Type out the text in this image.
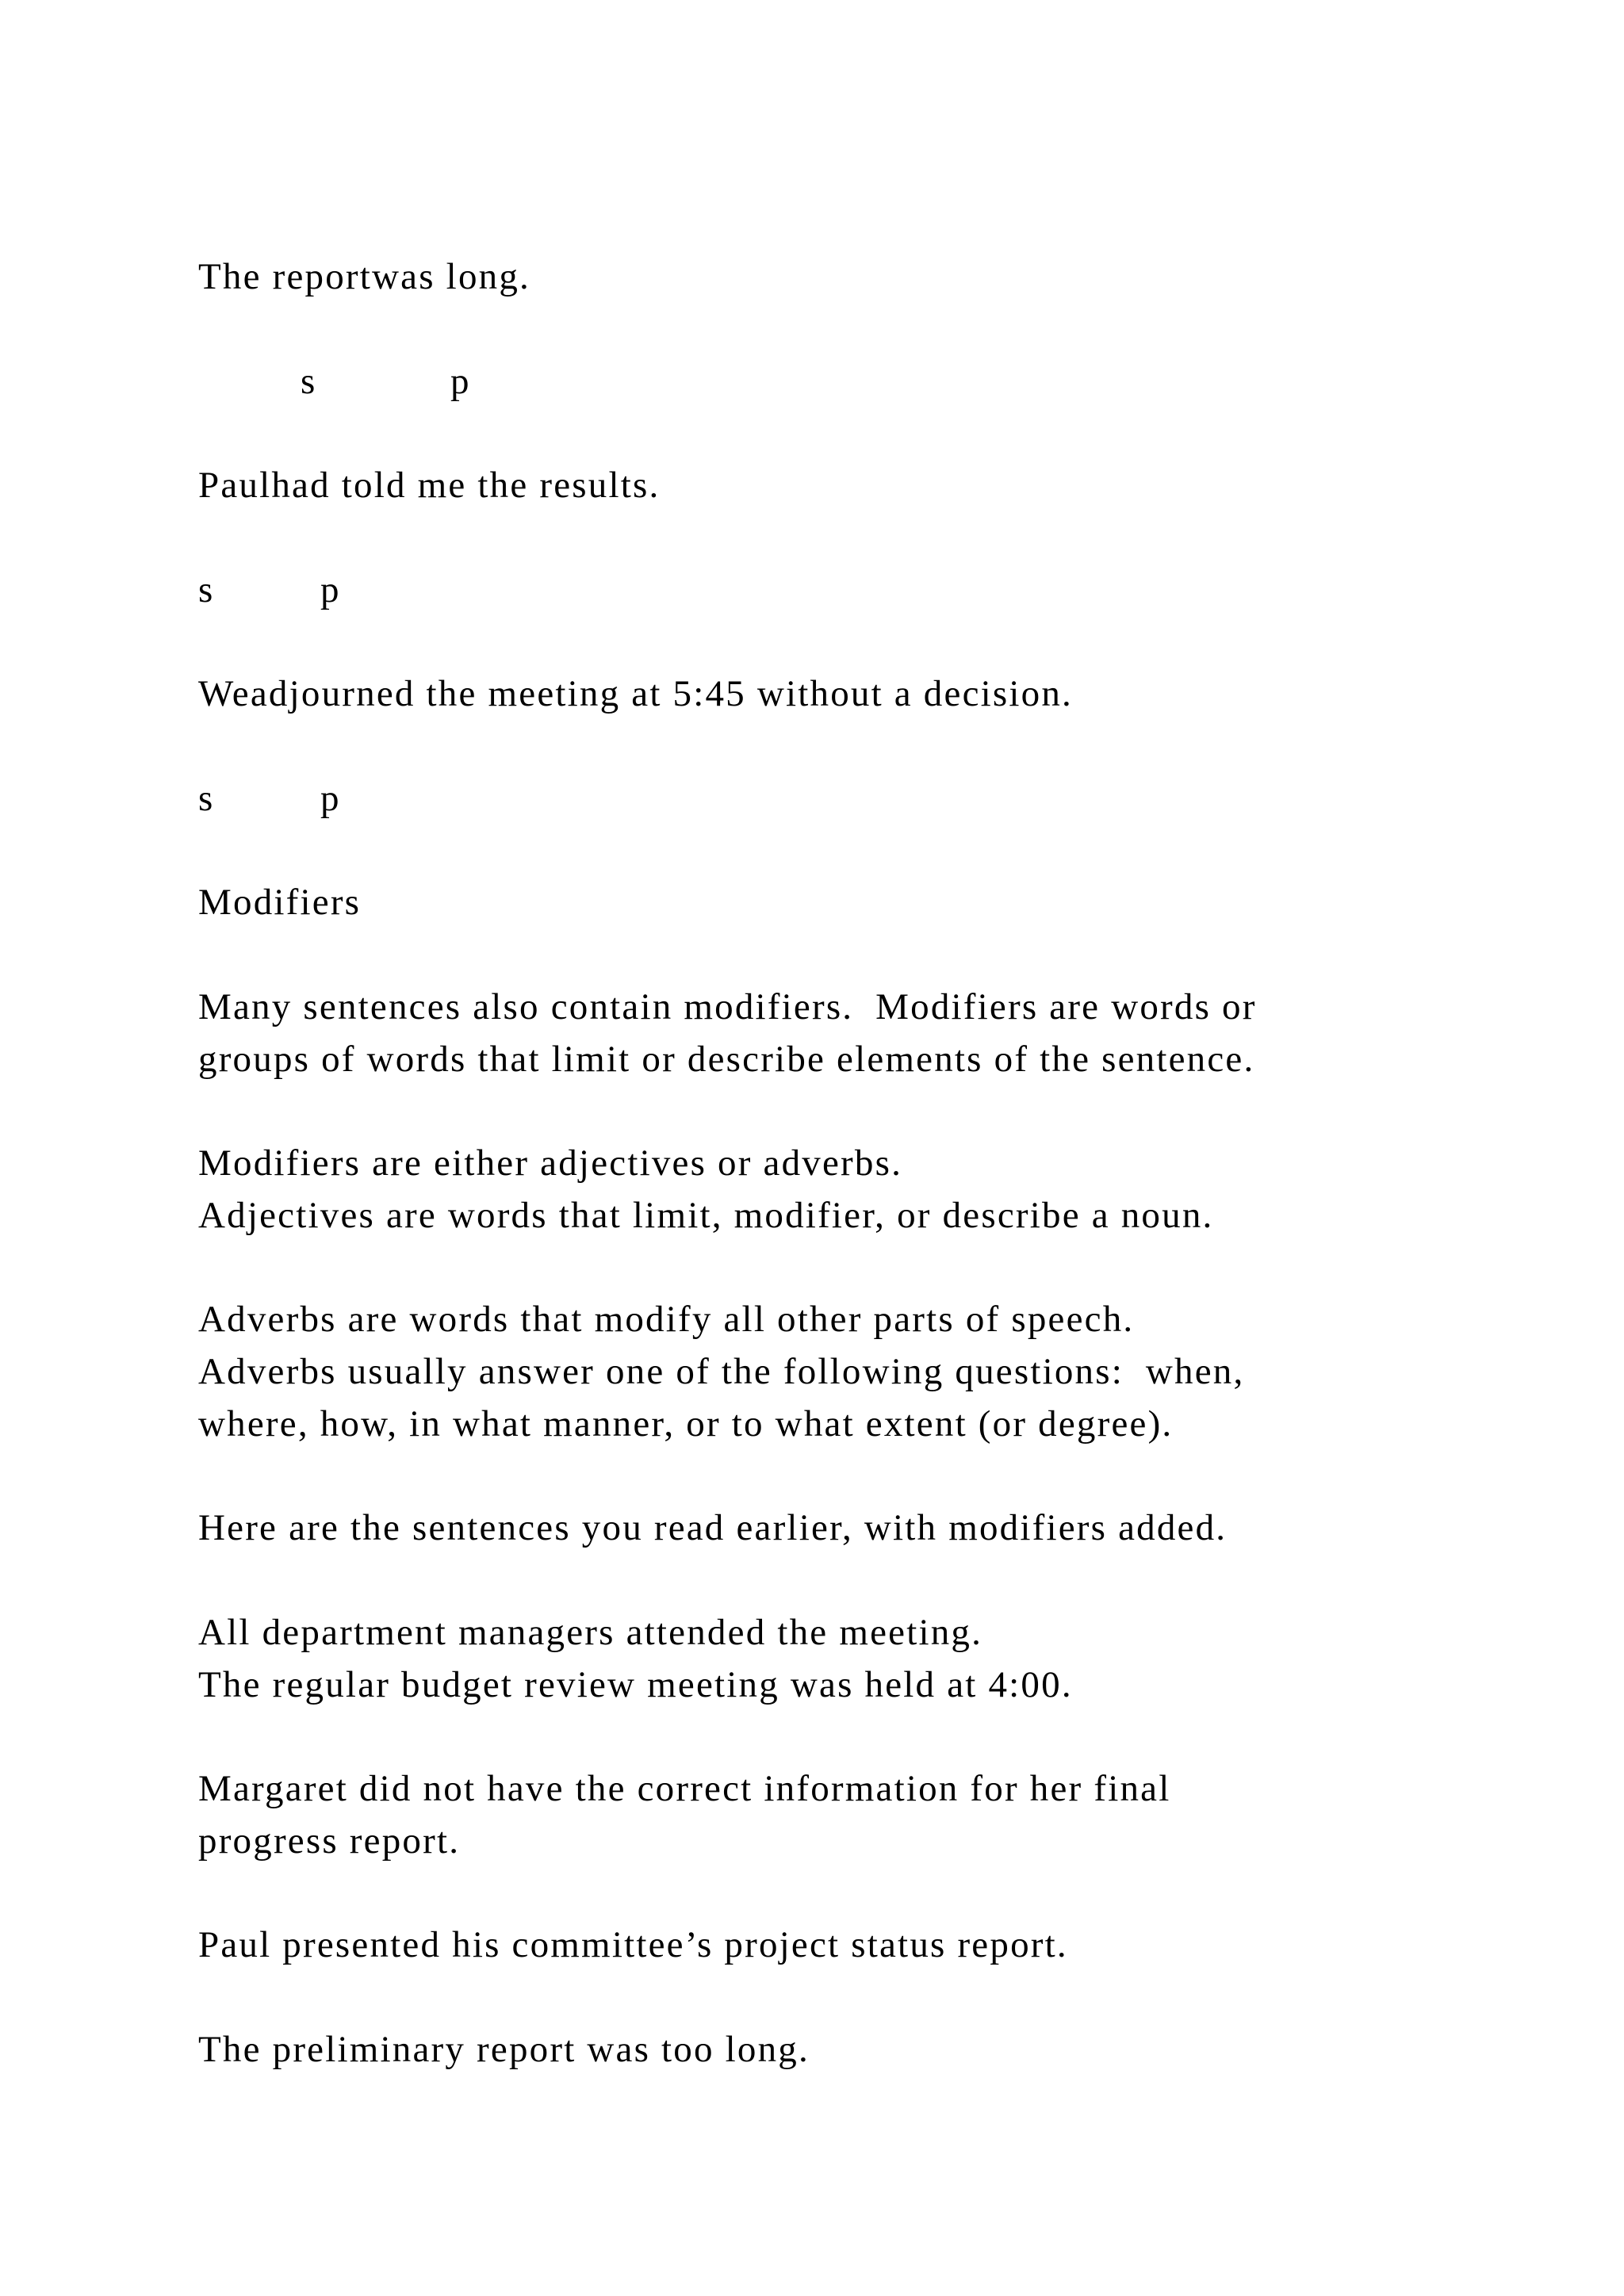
The reportwas long.

s	p

Paulhad told me the results.

s	p

Weadjourned the meeting at 5:45 without a decision.

s	p

Modifiers

Many sentences also contain modifiers.  Modifiers are words or

groups of words that limit or describe elements of the sentence.

Modifiers are either adjectives or adverbs.

Adjectives are words that limit, modifier, or describe a noun.

Adverbs are words that modify all other parts of speech.

Adverbs usually answer one of the following questions:  when,

where, how, in what manner, or to what extent (or degree).

Here are the sentences you read earlier, with modifiers added.

All department managers attended the meeting.

The regular budget review meeting was held at 4:00.

Margaret did not have the correct information for her final

progress report.

Paul presented his committee’s project status report.

The preliminary report was too long.
